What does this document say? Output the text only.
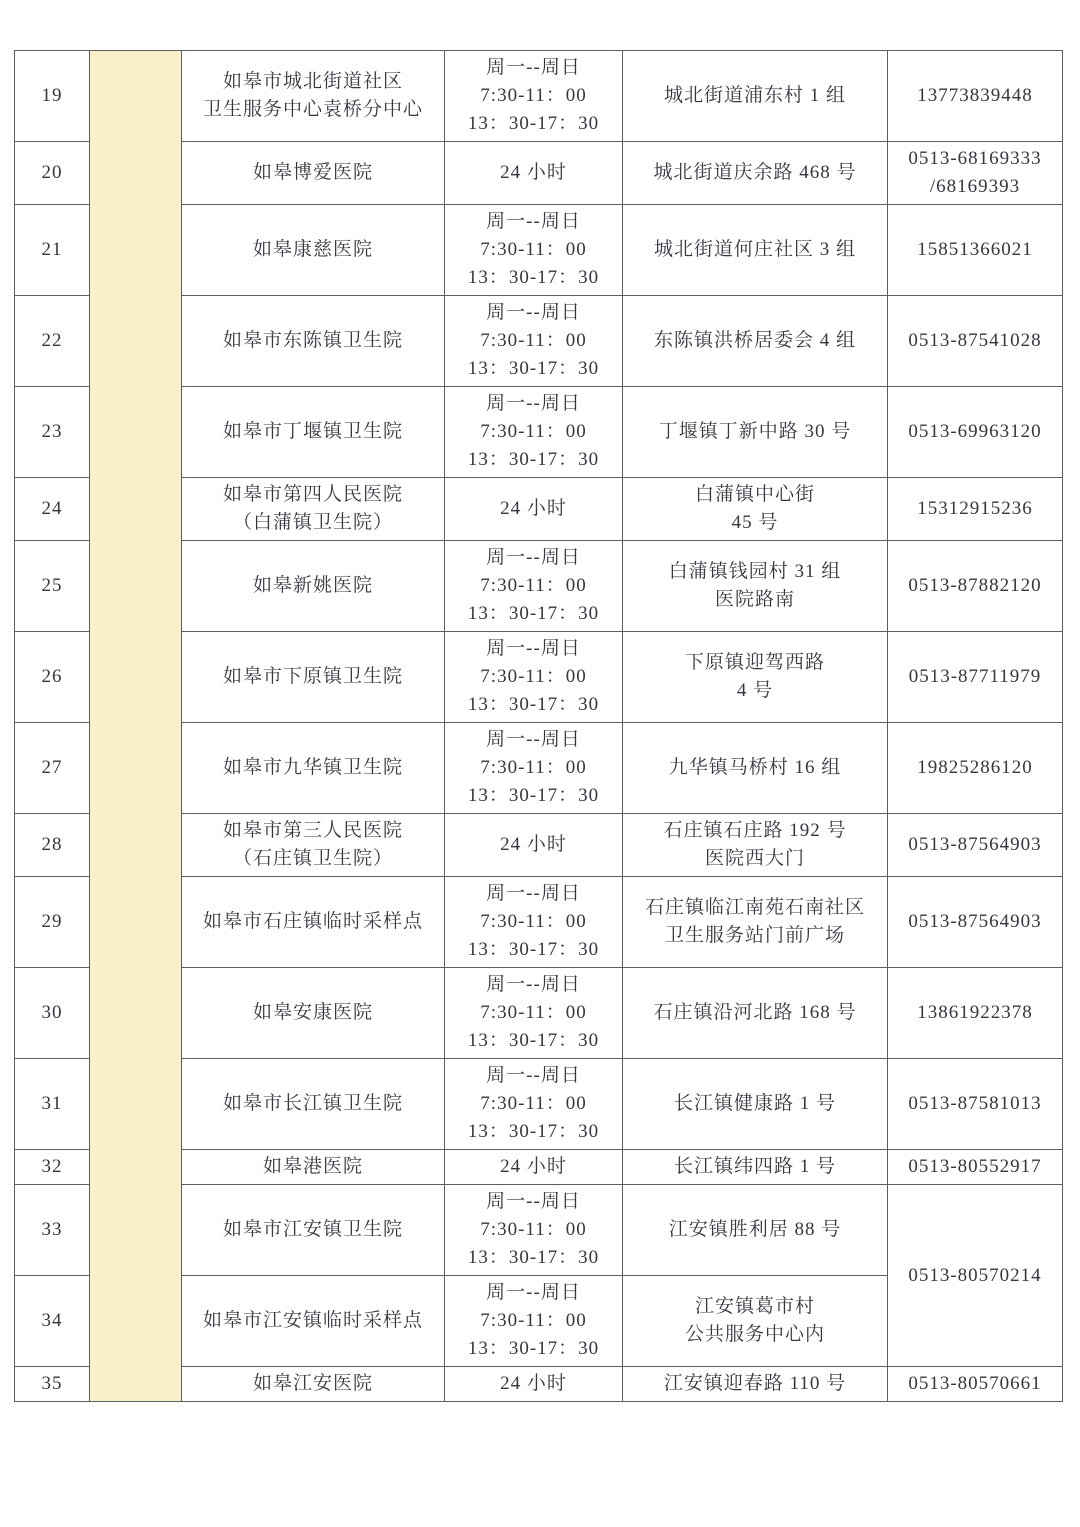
19		如皋市城北街道社区
卫生服务中心袁桥分中心	周一--周日
7:30-11：00
13：30-17：30	城北街道浦东村 1 组	13773839448
20		如皋博爱医院	24 小时	城北街道庆余路 468 号	0513-68169333
/68169393
21		如皋康慈医院	周一--周日
7:30-11：00
13：30-17：30	城北街道何庄社区 3 组	15851366021
22		如皋市东陈镇卫生院	周一--周日
7:30-11：00
13：30-17：30	东陈镇洪桥居委会 4 组	0513-87541028
23		如皋市丁堰镇卫生院	周一--周日
7:30-11：00
13：30-17：30	丁堰镇丁新中路 30 号	0513-69963120
24		如皋市第四人民医院
（白蒲镇卫生院）	24 小时	白蒲镇中心街
45 号	15312915236
25		如皋新姚医院	周一--周日
7:30-11：00
13：30-17：30	白蒲镇钱园村 31 组
医院路南	0513-87882120
26		如皋市下原镇卫生院	周一--周日
7:30-11：00
13：30-17：30	下原镇迎驾西路
4 号	0513-87711979
27		如皋市九华镇卫生院	周一--周日
7:30-11：00
13：30-17：30	九华镇马桥村 16 组	19825286120
28		如皋市第三人民医院
（石庄镇卫生院）	24 小时	石庄镇石庄路 192 号
医院西大门	0513-87564903
29		如皋市石庄镇临时采样点	周一--周日
7:30-11：00
13：30-17：30	石庄镇临江南苑石南社区
卫生服务站门前广场	0513-87564903
30		如皋安康医院	周一--周日
7:30-11：00
13：30-17：30	石庄镇沿河北路 168 号	13861922378
31		如皋市长江镇卫生院	周一--周日
7:30-11：00
13：30-17：30	长江镇健康路 1 号	0513-87581013
32		如皋港医院	24 小时	长江镇纬四路 1 号	0513-80552917
33		如皋市江安镇卫生院	周一--周日
7:30-11：00
13：30-17：30	江安镇胜利居 88 号	0513-80570214
34		如皋市江安镇临时采样点	周一--周日
7:30-11：00
13：30-17：30	江安镇葛市村
公共服务中心内	
35		如皋江安医院	24 小时	江安镇迎春路 110 号	0513-80570661
